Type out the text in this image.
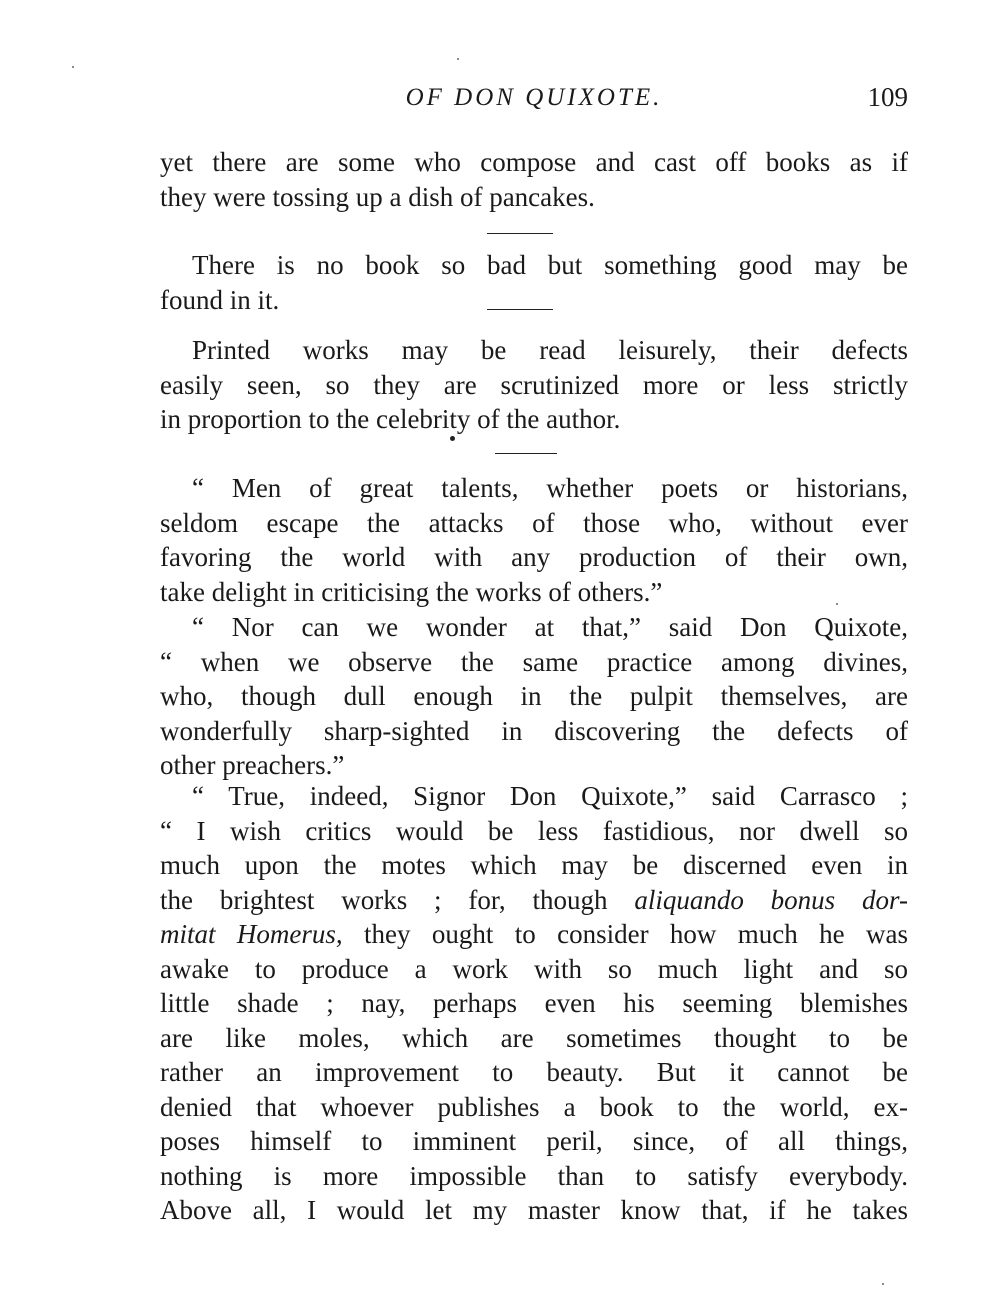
OF DON QUIXOTE.	109
yet there are some who compose and cast off books as if
they were tossing up a dish of pancakes.
There is no book so bad but something good may be
found in it.
Printed works may be read leisurely, their defects
easily seen, so they are scrutinized more or less strictly
in proportion to the celebrity of the author.
“ Men of great talents, whether poets or historians,
seldom escape the attacks of those who, without ever
favoring the world with any production of their own,
take delight in criticising the works of others.”
“ Nor can we wonder at that,” said Don Quixote,
“ when we observe the same practice among divines,
who, though dull enough in the pulpit themselves, are
wonderfully sharp-sighted in discovering the defects of
other preachers.”
“ True, indeed, Signor Don Quixote,” said Carrasco ;
“ I wish critics would be less fastidious, nor dwell so
much upon the motes which may be discerned even in
the brightest works ; for, though aliquando bonus dor-
mitat Homerus, they ought to consider how much he was
awake to produce a work with so much light and so
little shade ; nay, perhaps even his seeming blemishes
are like moles, which are sometimes thought to be
rather an improvement to beauty. But it cannot be
denied that whoever publishes a book to the world, ex-
poses himself to imminent peril, since, of all things,
nothing is more impossible than to satisfy everybody.
Above all, I would let my master know that, if he takes
